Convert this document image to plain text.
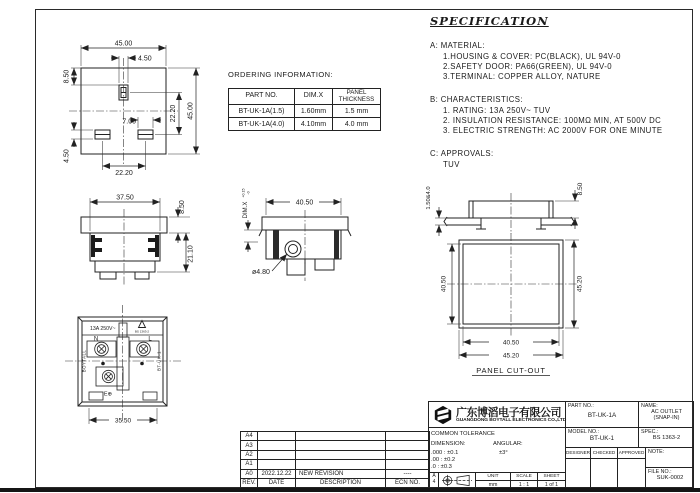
45.00
4.50
8.50
22.20 45.00
7.00
4.50
22.20
37.50
8.50
21.10
40.50
DIM.X
+0.15 -0
ø4.80
13A 250V~	BS 1363-2
N	L
E⊕
BOYTALL	BT-UK-1
35.50
1.50&4.0	8.50
40.50	45.20
40.50
45.20
PANEL CUT-OUT
ORDERING INFORMATION:
PART NO.	DIM.X	PANEL THICKNESS
BT-UK-1A(1.5)	1.60mm	1.5 mm
BT-UK-1A(4.0)	4.10mm	4.0 mm
SPECIFICATION
A: MATERIAL:
1.HOUSING & COVER: PC(BLACK), UL 94V-0
2.SAFETY DOOR: PA66(GREEN), UL 94V-0
3.TERMINAL: COPPER ALLOY, NATURE
B: CHARACTERISTICS:
1. RATING: 13A 250V~ TUV
2. INSULATION RESISTANCE: 100MΩ MIN, AT 500V DC
3. ELECTRIC STRENGTH: AC 2000V FOR ONE MINUTE
C: APPROVALS:
TUV
A4			
A3			
A2			
A1			
A0	2022.12.22	NEW REVISION	----
REV.	DATE	DESCRIPTION	ECN NO.
广东博滔电子有限公司
GUANGDONG BOYTALL ELECTRONICS CO.,LTD
PART NO.:
BT-UK-1A
NAME:
AC OUTLET
(SNAP-IN)
COMMON TOLERANCE
DIMENSION:	ANGULAR:
.000 : ±0.1
.00 : ±0.2
.0 : ±0.3
±3°
MODEL NO.:
BT-UK-1
SPEC.:
BS 1363-2
DESIGNER CHECKED APPROVED NOTE:
FILE NO.:
SUK-0002
A4	UNIT
mm
SCALE
1 : 1
SHEET
1 of 1
